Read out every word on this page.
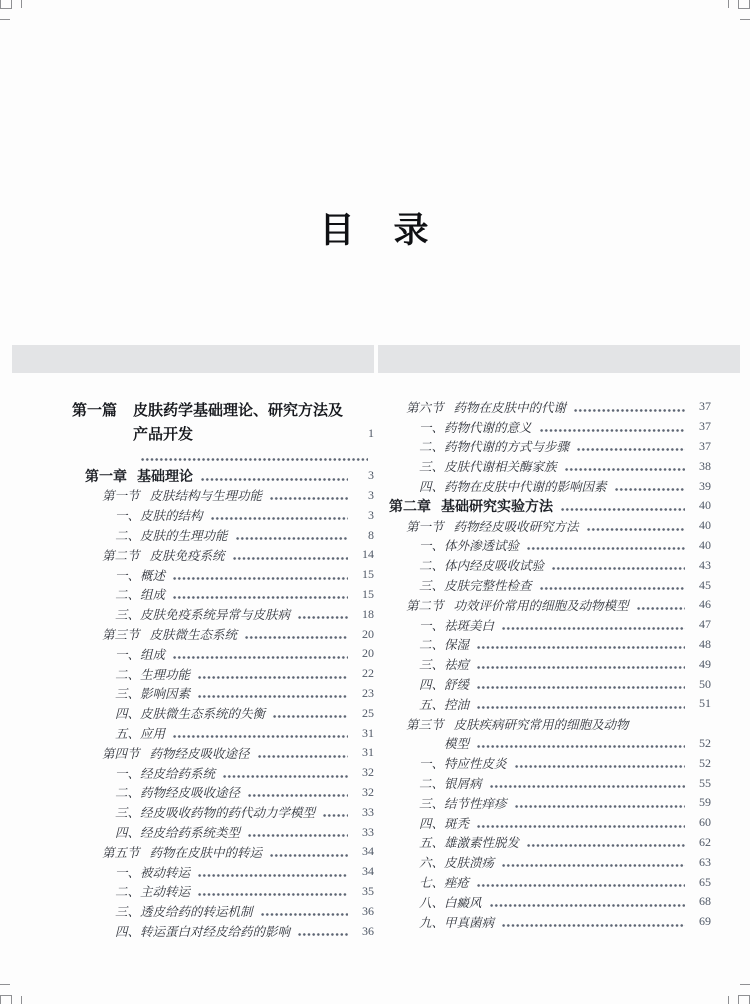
目　录
第一篇 皮肤药学基础理论、研究方法及
产品开发	1
第一章 基础理论	3
第一节 皮肤结构与生理功能	3
一、皮肤的结构	3
二、皮肤的生理功能	8
第二节 皮肤免疫系统	14
一、概述	15
二、组成	15
三、皮肤免疫系统异常与皮肤病	18
第三节 皮肤微生态系统	20
一、组成	20
二、生理功能	22
三、影响因素	23
四、皮肤微生态系统的失衡	25
五、应用	31
第四节 药物经皮吸收途径	31
一、经皮给药系统	32
二、药物经皮吸收途径	32
三、经皮吸收药物的药代动力学模型	33
四、经皮给药系统类型	33
第五节 药物在皮肤中的转运	34
一、被动转运	34
二、主动转运	35
三、透皮给药的转运机制	36
四、转运蛋白对经皮给药的影响	36
第六节 药物在皮肤中的代谢	37
一、药物代谢的意义	37
二、药物代谢的方式与步骤	37
三、皮肤代谢相关酶家族	38
四、药物在皮肤中代谢的影响因素	39
第二章 基础研究实验方法	40
第一节 药物经皮吸收研究方法	40
一、体外渗透试验	40
二、体内经皮吸收试验	43
三、皮肤完整性检查	45
第二节 功效评价常用的细胞及动物模型	46
一、祛斑美白	47
二、保湿	48
三、祛痘	49
四、舒缓	50
五、控油	51
第三节 皮肤疾病研究常用的细胞及动物
模型	52
一、特应性皮炎	52
二、银屑病	55
三、结节性痒疹	59
四、斑秃	60
五、雄激素性脱发	62
六、皮肤溃疡	63
七、痤疮	65
八、白癜风	68
九、甲真菌病	69
